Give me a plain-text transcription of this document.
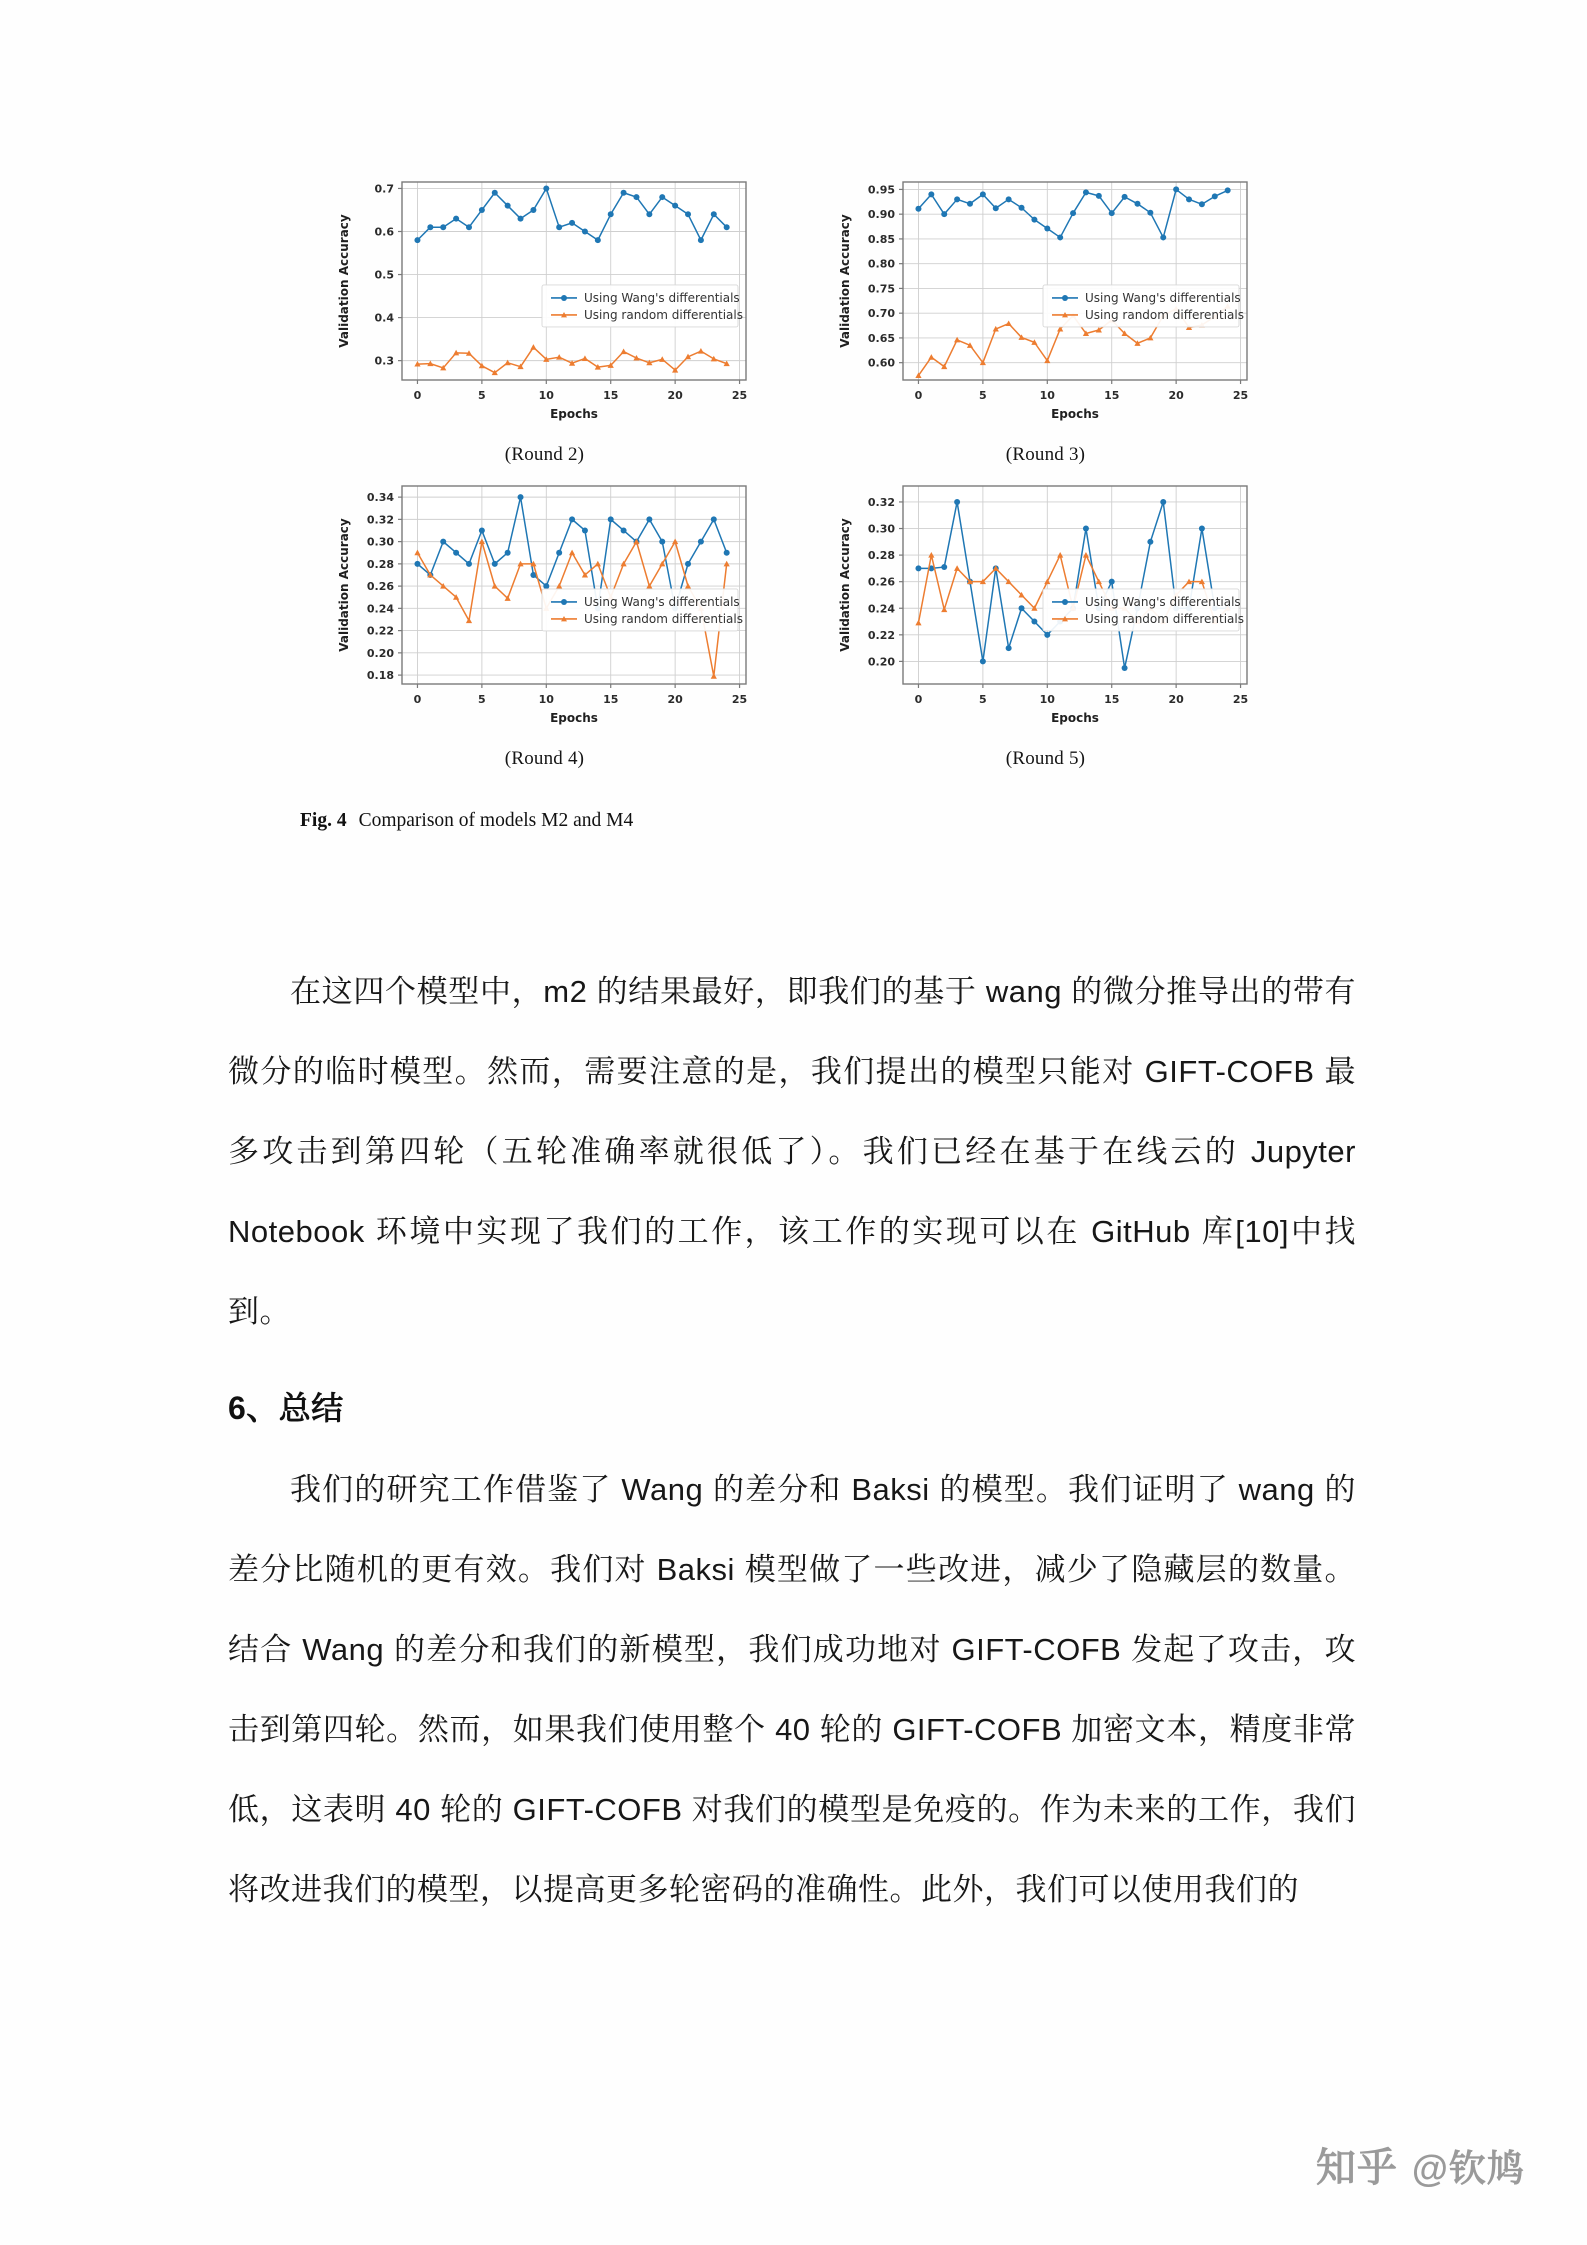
0.3
0.4
0.5
0.6
0.7
0	5	10	15	20	25
Epochs
Validation Accuracy	Using Wang's differentials
Using random differentials
(Round 2)
0.60
0.65
0.70
0.75
0.80
0.85
0.90
0.95
0	5	10	15	20	25
Epochs
Validation Accuracy	Using Wang's differentials
Using random differentials
(Round 3)
0.18
0.20
0.22
0.24
0.26
0.28
0.30
0.32
0.34
0	5	10	15	20	25
Epochs
Validation Accuracy	Using Wang's differentials
Using random differentials
(Round 4)
0.20
0.22
0.24
0.26
0.28
0.30
0.32
0	5	10	15	20	25
Epochs
Validation Accuracy	Using Wang's differentials
Using random differentials
(Round 5)
Fig. 4 Comparison of models M2 and M4

在这四个模型中，m2 的结果最好，即我们的基于 wang 的微分推导出的带有微分的临时模型。然而，需要注意的是，我们提出的模型只能对 GIFT-COFB 最多攻击到第四轮（五轮准确率就很低了）。我们已经在基于在线云的 Jupyter Notebook 环境中实现了我们的工作，该工作的实现可以在 GitHub 库[10]中找到。

6、总结

我们的研究工作借鉴了 Wang 的差分和 Baksi 的模型。我们证明了 wang 的差分比随机的更有效。我们对 Baksi 模型做了一些改进，减少了隐藏层的数量。结合 Wang 的差分和我们的新模型，我们成功地对 GIFT-COFB 发起了攻击，攻击到第四轮。然而，如果我们使用整个 40 轮的 GIFT-COFB 加密文本，精度非常低，这表明 40 轮的 GIFT-COFB 对我们的模型是免疫的。作为未来的工作，我们将改进我们的模型，以提高更多轮密码的准确性。此外，我们可以使用我们的

知乎 @钦鸠
